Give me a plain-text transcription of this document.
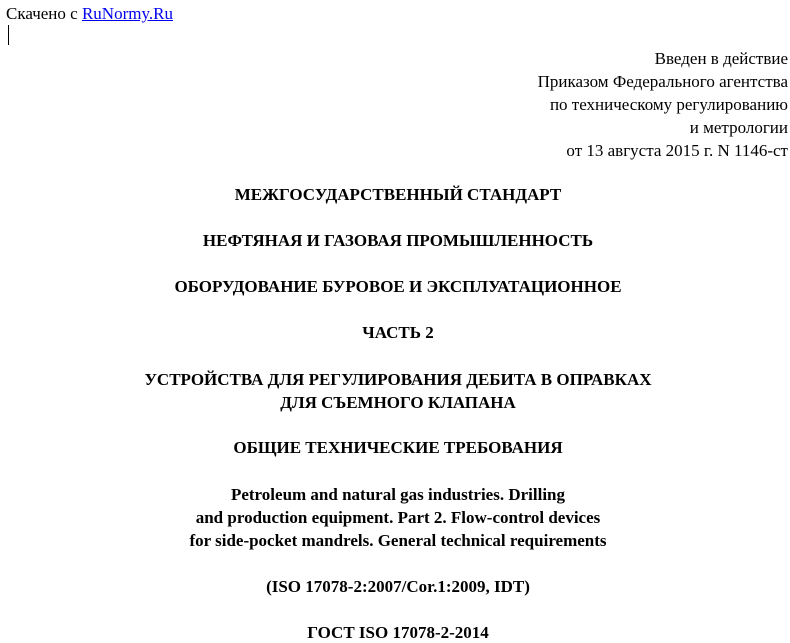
Скачено с RuNormy.Ru
Введен в действие
Приказом Федерального агентства
по техническому регулированию
и метрологии
от 13 августа 2015 г. N 1146-ст
МЕЖГОСУДАРСТВЕННЫЙ СТАНДАРТ
НЕФТЯНАЯ И ГАЗОВАЯ ПРОМЫШЛЕННОСТЬ
ОБОРУДОВАНИЕ БУРОВОЕ И ЭКСПЛУАТАЦИОННОЕ
ЧАСТЬ 2
УСТРОЙСТВА ДЛЯ РЕГУЛИРОВАНИЯ ДЕБИТА В ОПРАВКАХ
ДЛЯ СЪЕМНОГО КЛАПАНА
ОБЩИЕ ТЕХНИЧЕСКИЕ ТРЕБОВАНИЯ
Petroleum and natural gas industries. Drilling
and production equipment. Part 2. Flow-control devices
for side-pocket mandrels. General technical requirements
(ISO 17078-2:2007/Cor.1:2009, IDT)
ГОСТ ISO 17078-2-2014
